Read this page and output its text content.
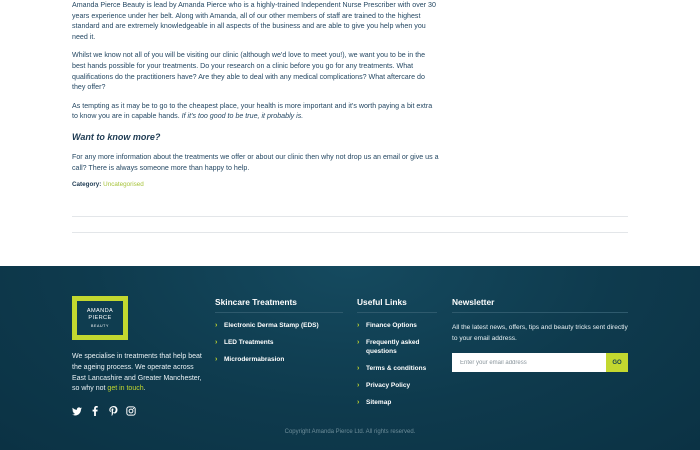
Amanda Pierce Beauty is lead by Amanda Pierce who is a highly-trained Independent Nurse Prescriber with over 30 years experience under her belt. Along with Amanda, all of our other members of staff are trained to the highest standard and are extremely knowledgeable in all aspects of the business and are able to give you help when you need it.

Whilst we know not all of you will be visiting our clinic (although we'd love to meet you!), we want you to be in the best hands possible for your treatments. Do your research on a clinic before you go for any treatments. What qualifications do the practitioners have? Are they able to deal with any medical complications? What aftercare do they offer?

As tempting as it may be to go to the cheapest place, your health is more important and it's worth paying a bit extra to know you are in capable hands. If it's too good to be true, it probably is.

Want to know more?

For any more information about the treatments we offer or about our clinic then why not drop us an email or give us a call? There is always someone more than happy to help.

Category: Uncategorised
AMANDA
PIERCE
BEAUTY

We specialise in treatments that help beat the ageing process. We operate across East Lancashire and Greater Manchester, so why not get in touch.

Skincare Treatments
› Electronic Derma Stamp (EDS)
› LED Treatments
› Microdermabrasion
Useful Links
› Finance Options
› Frequently asked questions
› Terms & conditions
› Privacy Policy
› Sitemap
Newsletter

All the latest news, offers, tips and beauty tricks sent directly to your email address.

Enter your email address
GO
Copyright Amanda Pierce Ltd. All rights reserved.
